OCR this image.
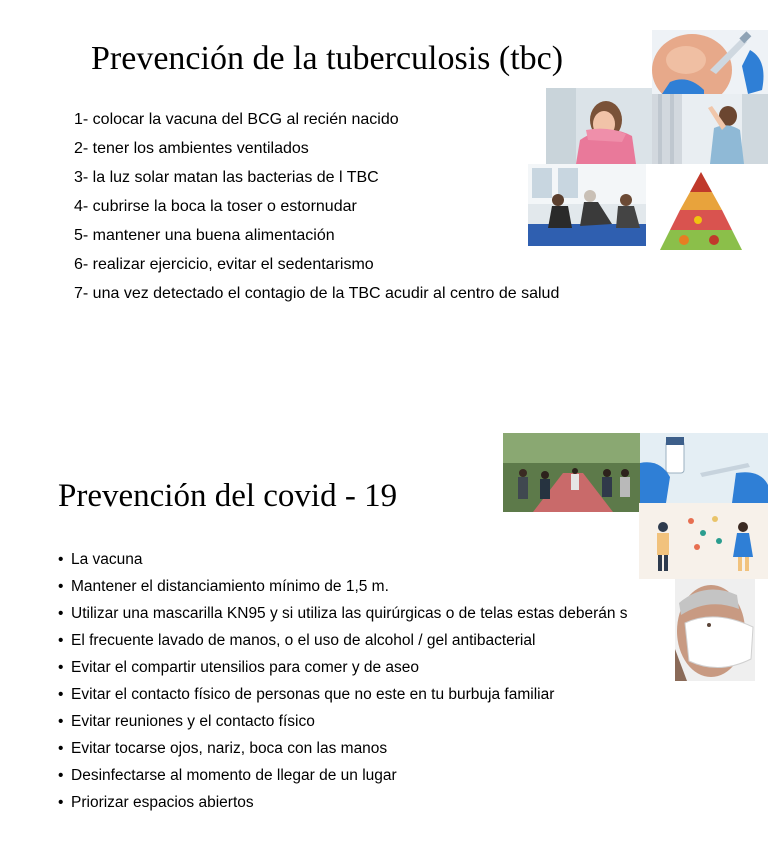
Prevención de la tuberculosis (tbc)
1- colocar la vacuna del BCG al recién nacido
2- tener los ambientes ventilados
3- la luz solar matan las bacterias de l TBC
4- cubrirse la boca la toser o estornudar
5- mantener una buena alimentación
6- realizar ejercicio, evitar el sedentarismo
7- una vez detectado el contagio de la TBC acudir al centro de salud
Prevención del covid - 19
• La vacuna
• Mantener el distanciamiento mínimo de 1,5 m.
• Utilizar una mascarilla KN95 y si utiliza las quirúrgicas o de telas estas deberán s
• El frecuente lavado de manos, o el uso de alcohol / gel antibacterial
• Evitar el compartir utensilios para comer y de aseo
• Evitar el contacto físico de personas que no este en tu burbuja familiar
• Evitar reuniones y el contacto físico
• Evitar tocarse ojos, nariz, boca con las manos
• Desinfectarse al momento de llegar de un lugar
• Priorizar espacios abiertos
